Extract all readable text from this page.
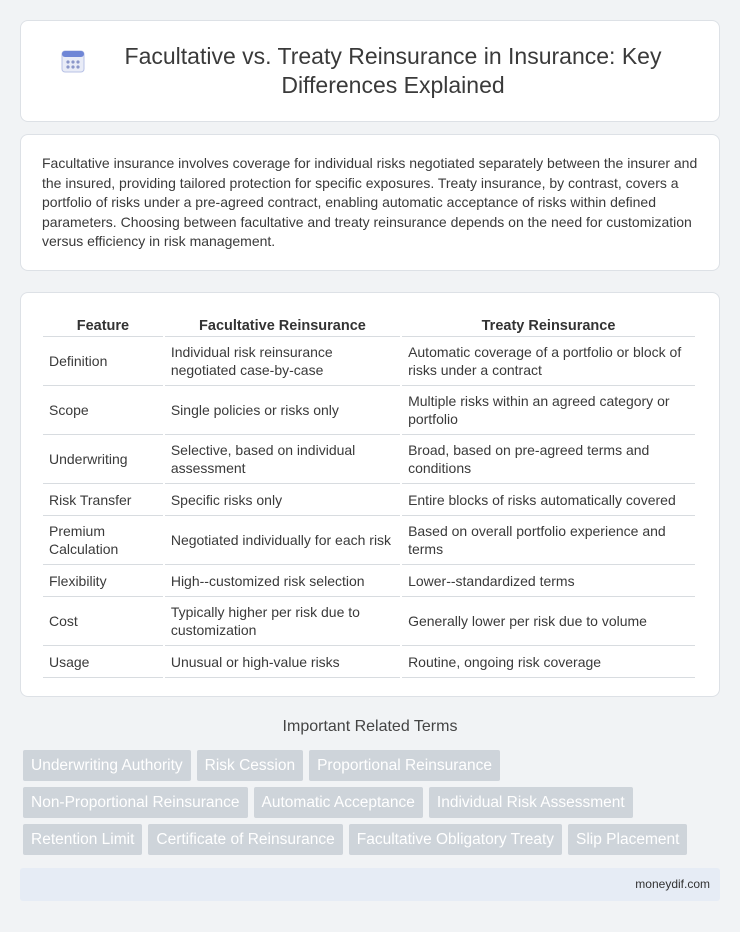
Facultative vs. Treaty Reinsurance in Insurance: Key Differences Explained

Facultative insurance involves coverage for individual risks negotiated separately between the insurer and the insured, providing tailored protection for specific exposures. Treaty insurance, by contrast, covers a portfolio of risks under a pre-agreed contract, enabling automatic acceptance of risks within defined parameters. Choosing between facultative and treaty reinsurance depends on the need for customization versus efficiency in risk management.

Feature	Facultative Reinsurance	Treaty Reinsurance
Definition	Individual risk reinsurance negotiated case-by-case	Automatic coverage of a portfolio or block of risks under a contract
Scope	Single policies or risks only	Multiple risks within an agreed category or portfolio
Underwriting	Selective, based on individual assessment	Broad, based on pre-agreed terms and conditions
Risk Transfer	Specific risks only	Entire blocks of risks automatically covered
Premium Calculation	Negotiated individually for each risk	Based on overall portfolio experience and terms
Flexibility	High--customized risk selection	Lower--standardized terms
Cost	Typically higher per risk due to customization	Generally lower per risk due to volume
Usage	Unusual or high-value risks	Routine, ongoing risk coverage
Important Related Terms
Underwriting Authority	Risk Cession	Proportional Reinsurance
Non-Proportional Reinsurance	Automatic Acceptance	Individual Risk Assessment
Retention Limit	Certificate of Reinsurance	Facultative Obligatory Treaty	Slip Placement
moneydif.com
